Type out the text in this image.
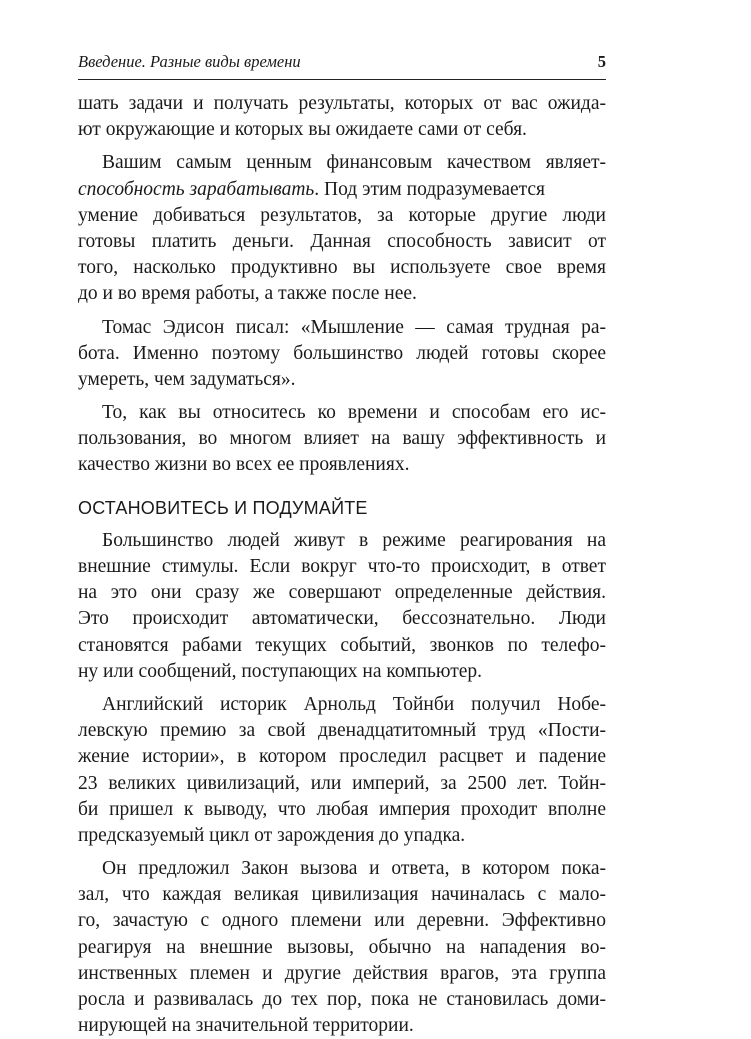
Введение. Разные виды времени	5
шать задачи и получать результаты, которых от вас ожида-
ют окружающие и которых вы ожидаете сами от себя.
Вашим самым ценным финансовым качеством являет-
способность зарабатывать. Под этим подразумевается
умение добиваться результатов, за которые другие люди
готовы платить деньги. Данная способность зависит от
того, насколько продуктивно вы используете свое время
до и во время работы, а также после нее.
Томас Эдисон писал: «Мышление — самая трудная ра-
бота. Именно поэтому большинство людей готовы скорее
умереть, чем задуматься».
То, как вы относитесь ко времени и способам его ис-
пользования, во многом влияет на вашу эффективность и
качество жизни во всех ее проявлениях.
ОСТАНОВИТЕСЬ И ПОДУМАЙТЕ
Большинство людей живут в режиме реагирования на
внешние стимулы. Если вокруг что-то происходит, в ответ
на это они сразу же совершают определенные действия.
Это происходит автоматически, бессознательно. Люди
становятся рабами текущих событий, звонков по телефо-
ну или сообщений, поступающих на компьютер.
Английский историк Арнольд Тойнби получил Нобе-
левскую премию за свой двенадцатитомный труд «Пости-
жение истории», в котором проследил расцвет и падение
23 великих цивилизаций, или империй, за 2500 лет. Тойн-
би пришел к выводу, что любая империя проходит вполне
предсказуемый цикл от зарождения до упадка.
Он предложил Закон вызова и ответа, в котором пока-
зал, что каждая великая цивилизация начиналась с мало-
го, зачастую с одного племени или деревни. Эффективно
реагируя на внешние вызовы, обычно на нападения во-
инственных племен и другие действия врагов, эта группа
росла и развивалась до тех пор, пока не становилась доми-
нирующей на значительной территории.
